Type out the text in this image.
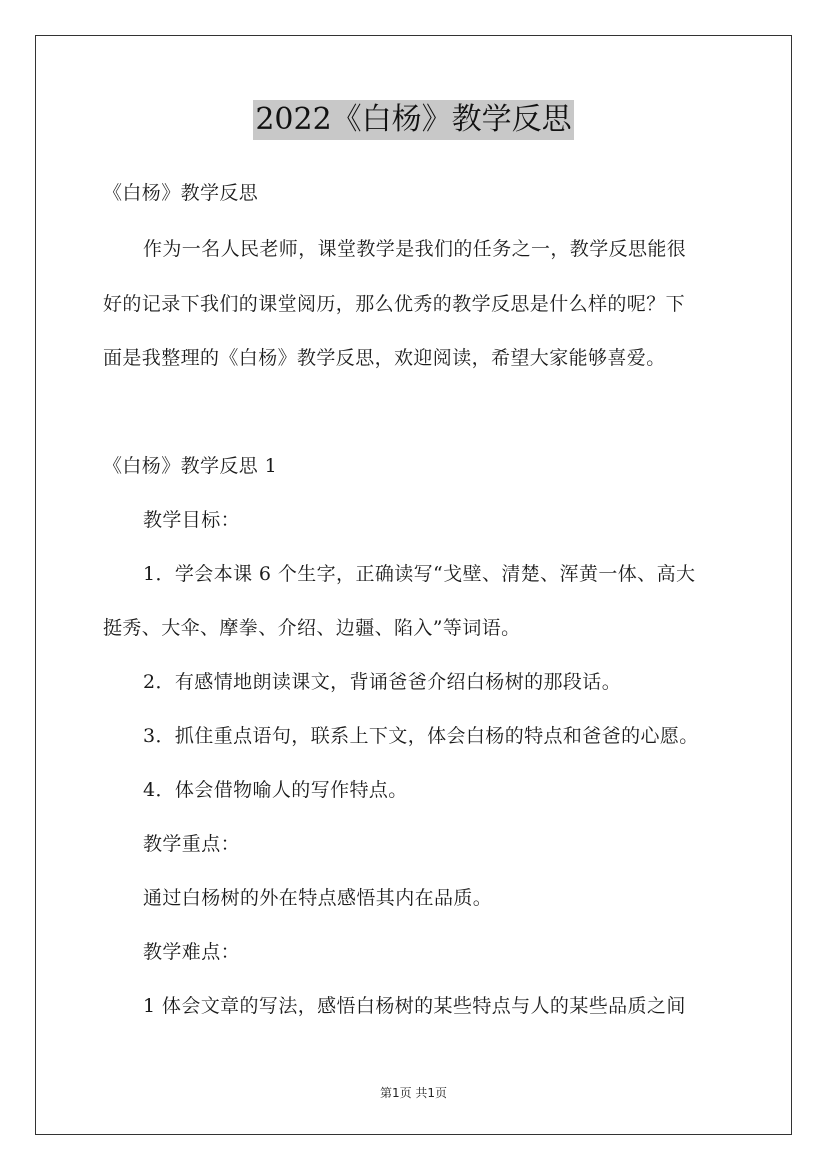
2022《白杨》教学反思
《白杨》教学反思
作为一名人民老师，课堂教学是我们的任务之一，教学反思能很
好的记录下我们的课堂阅历，那么优秀的教学反思是什么样的呢？下
面是我整理的《白杨》教学反思，欢迎阅读，希望大家能够喜爱。
《白杨》教学反思 1
教学目标：
1．学会本课 6 个生字，正确读写“戈壁、清楚、浑黄一体、高大
挺秀、大伞、摩拳、介绍、边疆、陷入”等词语。
2．有感情地朗读课文，背诵爸爸介绍白杨树的那段话。
3．抓住重点语句，联系上下文，体会白杨的特点和爸爸的心愿。
4．体会借物喻人的写作特点。
教学重点：
通过白杨树的外在特点感悟其内在品质。
教学难点：
1 体会文章的写法，感悟白杨树的某些特点与人的某些品质之间
第1页 共1页
